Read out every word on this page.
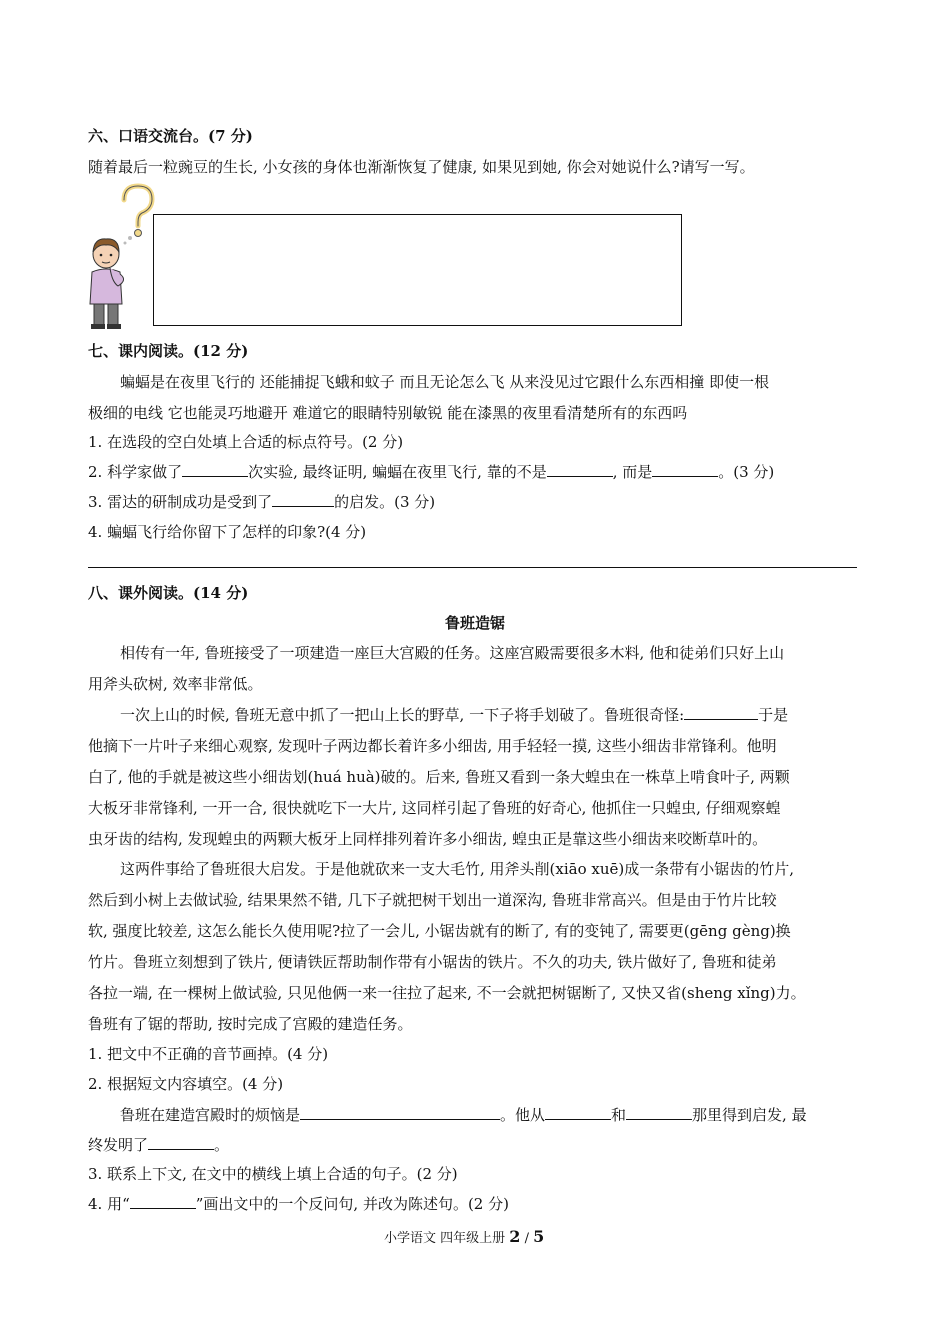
六、口语交流台。(7 分)
随着最后一粒豌豆的生长, 小女孩的身体也渐渐恢复了健康, 如果见到她, 你会对她说什么?请写一写。
七、课内阅读。(12 分)
蝙蝠是在夜里飞行的 还能捕捉飞蛾和蚊子 而且无论怎么飞 从来没见过它跟什么东西相撞 即使一根
极细的电线 它也能灵巧地避开 难道它的眼睛特别敏锐 能在漆黑的夜里看清楚所有的东西吗
1. 在选段的空白处填上合适的标点符号。(2 分)
2. 科学家做了	次实验, 最终证明, 蝙蝠在夜里飞行, 靠的不是	, 而是	。(3 分)
3. 雷达的研制成功是受到了	的启发。(3 分)
4. 蝙蝠飞行给你留下了怎样的印象?(4 分)
八、课外阅读。(14 分)
鲁班造锯
相传有一年, 鲁班接受了一项建造一座巨大宫殿的任务。这座宫殿需要很多木料, 他和徒弟们只好上山
用斧头砍树, 效率非常低。
一次上山的时候, 鲁班无意中抓了一把山上长的野草, 一下子将手划破了。鲁班很奇怪:	于是
他摘下一片叶子来细心观察, 发现叶子两边都长着许多小细齿, 用手轻轻一摸, 这些小细齿非常锋利。他明
白了, 他的手就是被这些小细齿划(huá huà)破的。后来, 鲁班又看到一条大蝗虫在一株草上啃食叶子, 两颗
大板牙非常锋利, 一开一合, 很快就吃下一大片, 这同样引起了鲁班的好奇心, 他抓住一只蝗虫, 仔细观察蝗
虫牙齿的结构, 发现蝗虫的两颗大板牙上同样排列着许多小细齿, 蝗虫正是靠这些小细齿来咬断草叶的。
这两件事给了鲁班很大启发。于是他就砍来一支大毛竹, 用斧头削(xiāo xuē)成一条带有小锯齿的竹片,
然后到小树上去做试验, 结果果然不错, 几下子就把树干划出一道深沟, 鲁班非常高兴。但是由于竹片比较
软, 强度比较差, 这怎么能长久使用呢?拉了一会儿, 小锯齿就有的断了, 有的变钝了, 需要更(gēng gèng)换
竹片。鲁班立刻想到了铁片, 便请铁匠帮助制作带有小锯齿的铁片。不久的功夫, 铁片做好了, 鲁班和徒弟
各拉一端, 在一棵树上做试验, 只见他俩一来一往拉了起来, 不一会就把树锯断了, 又快又省(sheng xǐng)力。
鲁班有了锯的帮助, 按时完成了宫殿的建造任务。
1. 把文中不正确的音节画掉。(4 分)
2. 根据短文内容填空。(4 分)
鲁班在建造宫殿时的烦恼是	。他从	和	那里得到启发, 最
终发明了	。
3. 联系上下文, 在文中的横线上填上合适的句子。(2 分)
4. 用“	”画出文中的一个反问句, 并改为陈述句。(2 分)
小学语文 四年级上册 2 / 5
